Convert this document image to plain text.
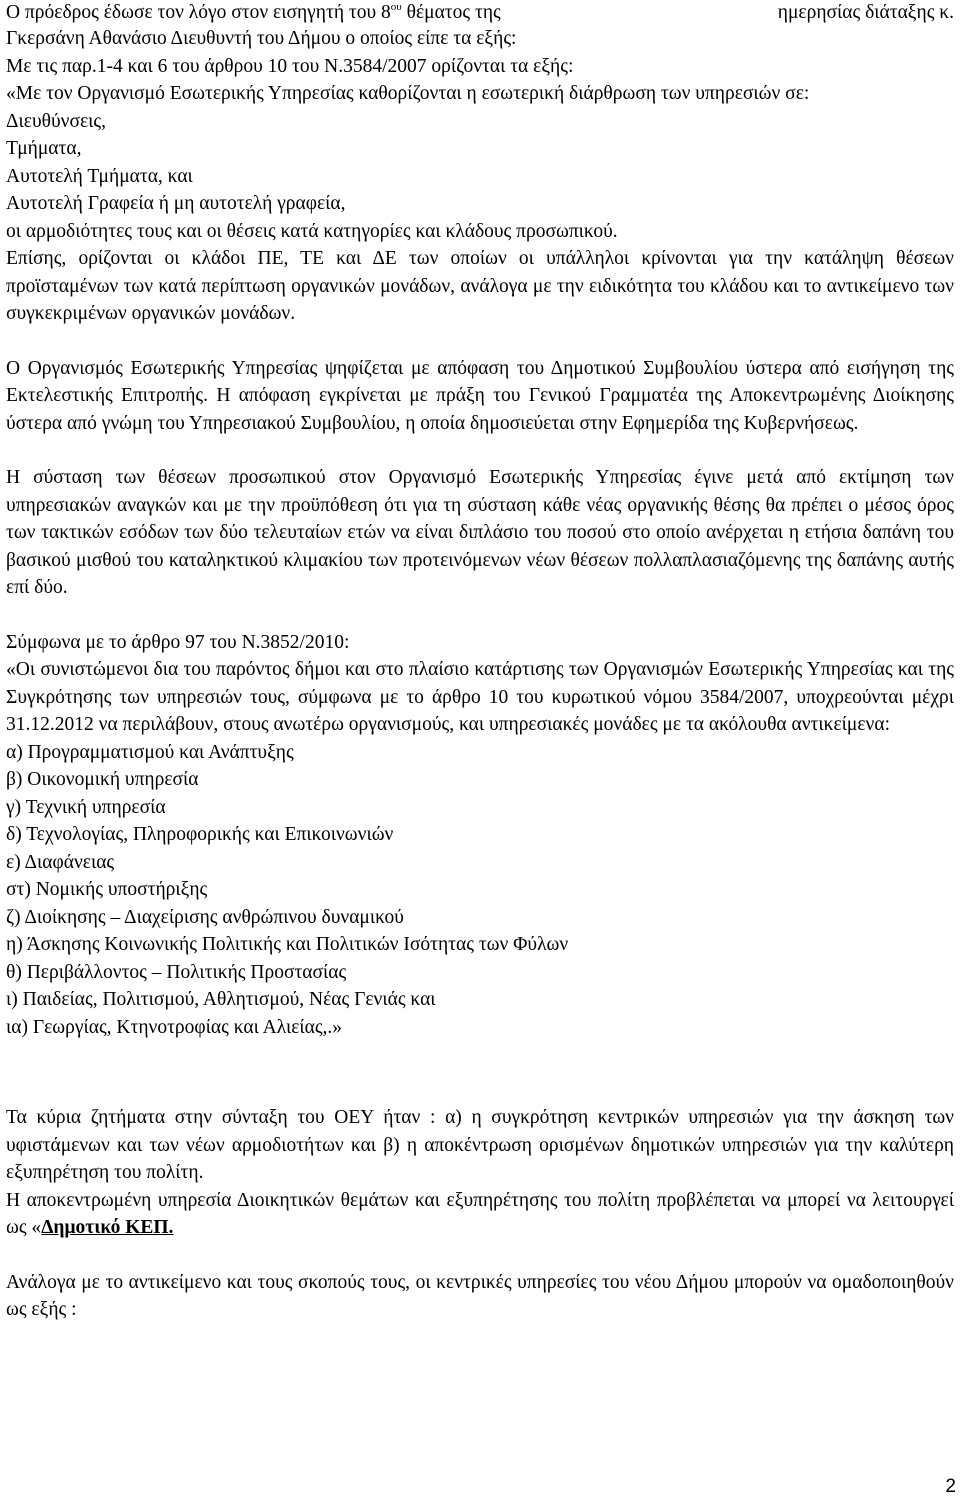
Ο πρόεδρος έδωσε τον λόγο στον εισηγητή του $8^{o\upsilon}$ θέματος της	ημερησίας διάταξης κ.

Γκερσάνη Αθανάσιο Διευθυντή του Δήμου ο οποίος είπε τα εξής:

Με τις παρ.1-4 και 6 του άρθρου 10 του Ν.3584/2007 ορίζονται τα εξής:

«Με τον Οργανισμό Εσωτερικής Υπηρεσίας καθορίζονται η εσωτερική διάρθρωση των υπηρεσιών σε:

Διευθύνσεις,

Τμήματα,

Αυτοτελή Τμήματα, και

Αυτοτελή Γραφεία ή μη αυτοτελή γραφεία,

οι αρμοδιότητες τους και οι θέσεις κατά κατηγορίες και κλάδους προσωπικού.

Επίσης, ορίζονται οι κλάδοι ΠΕ, ΤΕ και ΔΕ των οποίων οι υπάλληλοι κρίνονται για την κατάληψη θέσεων προϊσταμένων των κατά περίπτωση οργανικών μονάδων, ανάλογα με την ειδικότητα του κλάδου και το αντικείμενο των συγκεκριμένων οργανικών μονάδων.

Ο Οργανισμός Εσωτερικής Υπηρεσίας ψηφίζεται με απόφαση του Δημοτικού Συμβουλίου ύστερα από εισήγηση της Εκτελεστικής Επιτροπής. Η απόφαση εγκρίνεται με πράξη του Γενικού Γραμματέα της Αποκεντρωμένης Διοίκησης ύστερα από γνώμη του Υπηρεσιακού Συμβουλίου, η οποία δημοσιεύεται στην Εφημερίδα της Κυβερνήσεως.

Η σύσταση των θέσεων προσωπικού στον Οργανισμό Εσωτερικής Υπηρεσίας έγινε μετά από εκτίμηση των υπηρεσιακών αναγκών και με την προϋπόθεση ότι για τη σύσταση κάθε νέας οργανικής θέσης θα πρέπει ο μέσος όρος των τακτικών εσόδων των δύο τελευταίων ετών να είναι διπλάσιο του ποσού στο οποίο ανέρχεται η ετήσια δαπάνη του βασικού μισθού του καταληκτικού κλιμακίου των προτεινόμενων νέων θέσεων πολλαπλασιαζόμενης της δαπάνης αυτής επί δύο.

Σύμφωνα με το άρθρο 97 του Ν.3852/2010:

«Οι συνιστώμενοι δια του παρόντος δήμοι και στο πλαίσιο κατάρτισης των Οργανισμών Εσωτερικής Υπηρεσίας και της Συγκρότησης των υπηρεσιών τους, σύμφωνα με το άρθρο 10 του κυρωτικού νόμου 3584/2007, υποχρεούνται μέχρι 31.12.2012 να περιλάβουν, στους ανωτέρω οργανισμούς, και υπηρεσιακές μονάδες με τα ακόλουθα αντικείμενα:

α) Προγραμματισμού και Ανάπτυξης

β) Οικονομική υπηρεσία

γ) Τεχνική υπηρεσία

δ) Τεχνολογίας, Πληροφορικής και Επικοινωνιών

ε) Διαφάνειας

στ) Νομικής υποστήριξης

ζ) Διοίκησης – Διαχείρισης ανθρώπινου δυναμικού

η) Άσκησης Κοινωνικής Πολιτικής και Πολιτικών Ισότητας των Φύλων

θ) Περιβάλλοντος – Πολιτικής Προστασίας

ι) Παιδείας, Πολιτισμού, Αθλητισμού, Νέας Γενιάς και

ια) Γεωργίας, Κτηνοτροφίας και Αλιείας,.»

Τα κύρια ζητήματα στην σύνταξη του ΟΕΥ ήταν : α) η συγκρότηση κεντρικών υπηρεσιών για την άσκηση των υφιστάμενων και των νέων αρμοδιοτήτων και β) η αποκέντρωση ορισμένων δημοτικών υπηρεσιών για την καλύτερη εξυπηρέτηση του πολίτη.

Η αποκεντρωμένη υπηρεσία Διοικητικών θεμάτων και εξυπηρέτησης του πολίτη προβλέπεται να μπορεί να λειτουργεί ως «Δημοτικό ΚΕΠ.

Ανάλογα με το αντικείμενο και τους σκοπούς τους, οι κεντρικές υπηρεσίες του νέου Δήμου μπορούν να ομαδοποιηθούν ως εξής :

2
